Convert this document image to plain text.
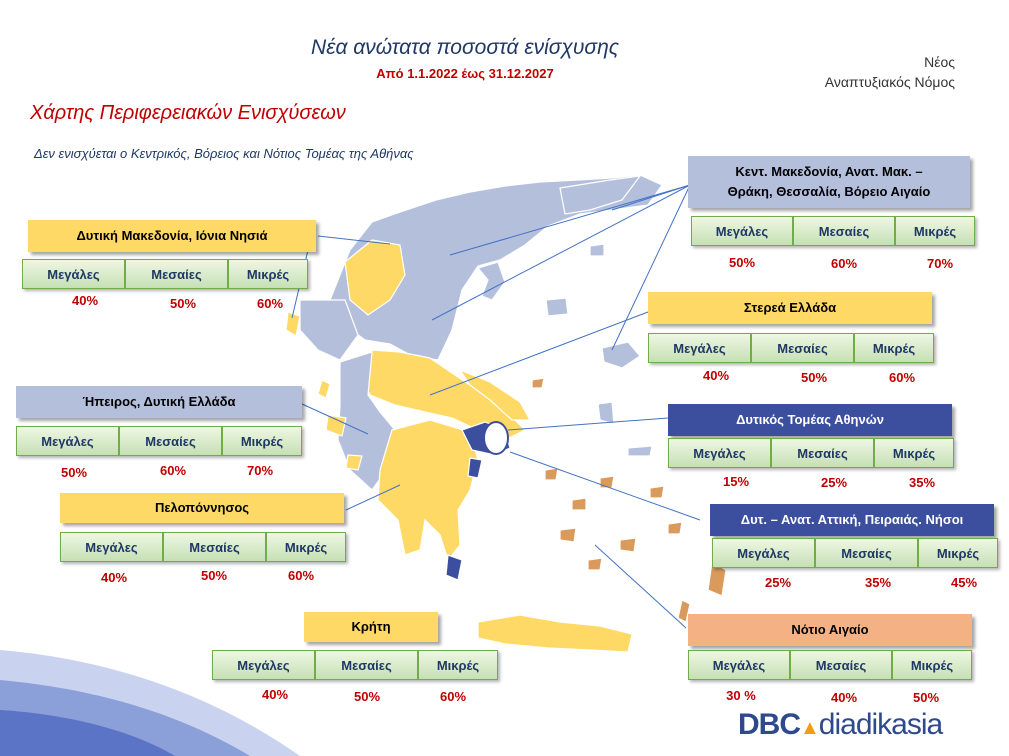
Νέα ανώτατα ποσοστά ενίσχυσης
Από 1.1.2022 έως 31.12.2027
Νέος
Αναπτυξιακός Νόμος
Χάρτης Περιφερειακών Ενισχύσεων
Δεν ενισχύεται ο Κεντρικός, Βόρειος και Νότιος Τομέας της Αθήνας
Δυτική Μακεδονία, Ιόνια Νησιά
Μεγάλες	Μεσαίες	Μικρές
40%	50%	60%
Ήπειρος, Δυτική Ελλάδα
Μεγάλες	Μεσαίες	Μικρές
50%	60%	70%
Πελοπόννησος
Μεγάλες	Μεσαίες	Μικρές
40%	50%	60%
Κρήτη
Μεγάλες	Μεσαίες	Μικρές
40%	50%	60%
Κεντ. Μακεδονία, Ανατ. Μακ. –
Θράκη, Θεσσαλία, Βόρειο Αιγαίο
Μεγάλες	Μεσαίες	Μικρές
50%	60%	70%
Στερεά Ελλάδα
Μεγάλες	Μεσαίες	Μικρές
40%	50%	60%
Δυτικός Τομέας Αθηνών
Μεγάλες	Μεσαίες	Μικρές
15%	25%	35%
Δυτ. – Ανατ. Αττική, Πειραιάς. Νήσοι
Μεγάλες	Μεσαίες	Μικρές
25%	35%	45%
Νότιο Αιγαίο
Μεγάλες	Μεσαίες	Μικρές
30 %	40%	50%
DBC▲diadikasia
